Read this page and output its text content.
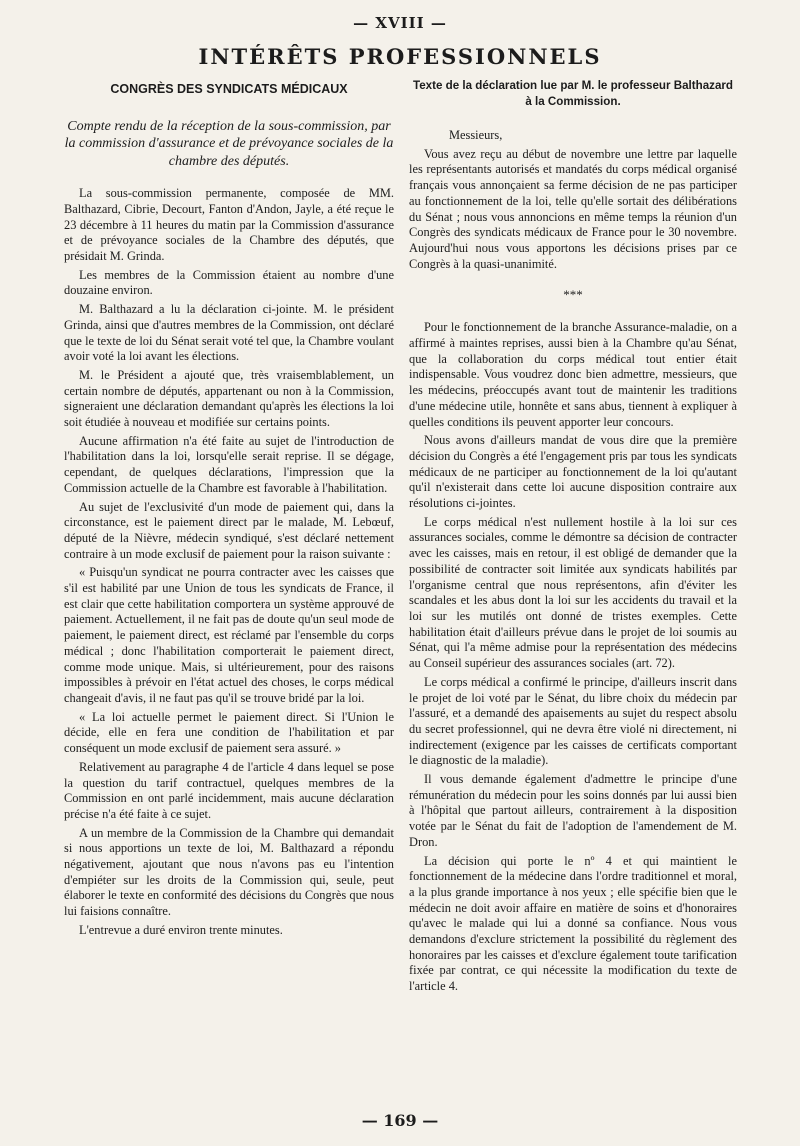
— XVIII —
INTÉRÊTS PROFESSIONNELS
CONGRÈS DES SYNDICATS MÉDICAUX
Compte rendu de la réception de la sous-commission, par la commission d'assurance et de prévoyance sociales de la chambre des députés.

La sous-commission permanente, composée de MM. Balthazard, Cibrie, Decourt, Fanton d'Andon, Jayle, a été reçue le 23 décembre à 11 heures du matin par la Commission d'assurance et de prévoyance sociales de la Chambre des députés, que présidait M. Grinda.

Les membres de la Commission étaient au nombre d'une douzaine environ.

M. Balthazard a lu la déclaration ci-jointe. M. le président Grinda, ainsi que d'autres membres de la Commission, ont déclaré que le texte de loi du Sénat serait voté tel que, la Chambre voulant avoir voté la loi avant les élections.

M. le Président a ajouté que, très vraisemblablement, un certain nombre de députés, appartenant ou non à la Commission, signeraient une déclaration demandant qu'après les élections la loi soit étudiée à nouveau et modifiée sur certains points.

Aucune affirmation n'a été faite au sujet de l'introduction de l'habilitation dans la loi, lorsqu'elle serait reprise. Il se dégage, cependant, de quelques déclarations, l'impression que la Commission actuelle de la Chambre est favorable à l'habilitation.

Au sujet de l'exclusivité d'un mode de paiement qui, dans la circonstance, est le paiement direct par le malade, M. Lebœuf, député de la Nièvre, médecin syndiqué, s'est déclaré nettement contraire à un mode exclusif de paiement pour la raison suivante :

« Puisqu'un syndicat ne pourra contracter avec les caisses que s'il est habilité par une Union de tous les syndicats de France, il est clair que cette habilitation comportera un système approuvé de paiement. Actuellement, il ne fait pas de doute qu'un seul mode de paiement, le paiement direct, est réclamé par l'ensemble du corps médical ; donc l'habilitation comporterait le paiement direct, comme mode unique. Mais, si ultérieurement, pour des raisons impossibles à prévoir en l'état actuel des choses, le corps médical changeait d'avis, il ne faut pas qu'il se trouve bridé par la loi.

« La loi actuelle permet le paiement direct. Si l'Union le décide, elle en fera une condition de l'habilitation et par conséquent un mode exclusif de paiement sera assuré. »

Relativement au paragraphe 4 de l'article 4 dans lequel se pose la question du tarif contractuel, quelques membres de la Commission en ont parlé incidemment, mais aucune déclaration précise n'a été faite à ce sujet.

A un membre de la Commission de la Chambre qui demandait si nous apportions un texte de loi, M. Balthazard a répondu négativement, ajoutant que nous n'avons pas eu l'intention d'empiéter sur les droits de la Commission qui, seule, peut élaborer le texte en conformité des décisions du Congrès que nous lui faisions connaître.

L'entrevue a duré environ trente minutes.

Texte de la déclaration lue par M. le professeur Balthazard à la Commission.

Messieurs,

Vous avez reçu au début de novembre une lettre par laquelle les représentants autorisés et mandatés du corps médical organisé français vous annonçaient sa ferme décision de ne pas participer au fonctionnement de la loi, telle qu'elle sortait des délibérations du Sénat ; nous vous annoncions en même temps la réunion d'un Congrès des syndicats médicaux de France pour le 30 novembre. Aujourd'hui nous vous apportons les décisions prises par ce Congrès à la quasi-unanimité.

***

Pour le fonctionnement de la branche Assurance-maladie, on a affirmé à maintes reprises, aussi bien à la Chambre qu'au Sénat, que la collaboration du corps médical tout entier était indispensable. Vous voudrez donc bien admettre, messieurs, que les médecins, préoccupés avant tout de maintenir les traditions d'une médecine utile, honnête et sans abus, tiennent à expliquer à quelles conditions ils peuvent apporter leur concours.

Nous avons d'ailleurs mandat de vous dire que la première décision du Congrès a été l'engagement pris par tous les syndicats médicaux de ne participer au fonctionnement de la loi qu'autant qu'il n'existerait dans cette loi aucune disposition contraire aux résolutions ci-jointes.

Le corps médical n'est nullement hostile à la loi sur ces assurances sociales, comme le démontre sa décision de contracter avec les caisses, mais en retour, il est obligé de demander que la possibilité de contracter soit limitée aux syndicats habilités par l'organisme central que nous représentons, afin d'éviter les scandales et les abus dont la loi sur les accidents du travail et la loi sur les mutilés ont donné de tristes exemples. Cette habilitation était d'ailleurs prévue dans le projet de loi soumis au Sénat, qui l'a même admise pour la représentation des médecins au Conseil supérieur des assurances sociales (art. 72).

Le corps médical a confirmé le principe, d'ailleurs inscrit dans le projet de loi voté par le Sénat, du libre choix du médecin par l'assuré, et a demandé des apaisements au sujet du respect absolu du secret professionnel, qui ne devra être violé ni directement, ni indirectement (exigence par les caisses de certificats comportant le diagnostic de la maladie).

Il vous demande également d'admettre le principe d'une rémunération du médecin pour les soins donnés par lui aussi bien à l'hôpital que partout ailleurs, contrairement à la disposition votée par le Sénat du fait de l'adoption de l'amendement de M. Dron.

La décision qui porte le nº 4 et qui maintient le fonctionnement de la médecine dans l'ordre traditionnel et moral, a la plus grande importance à nos yeux ; elle spécifie bien que le médecin ne doit avoir affaire en matière de soins et d'honoraires qu'avec le malade qui lui a donné sa confiance. Nous vous demandons d'exclure strictement la possibilité du règlement des honoraires par les caisses et d'exclure également toute tarification fixée par contrat, ce qui nécessite la modification du texte de l'article 4.

— 169 —
